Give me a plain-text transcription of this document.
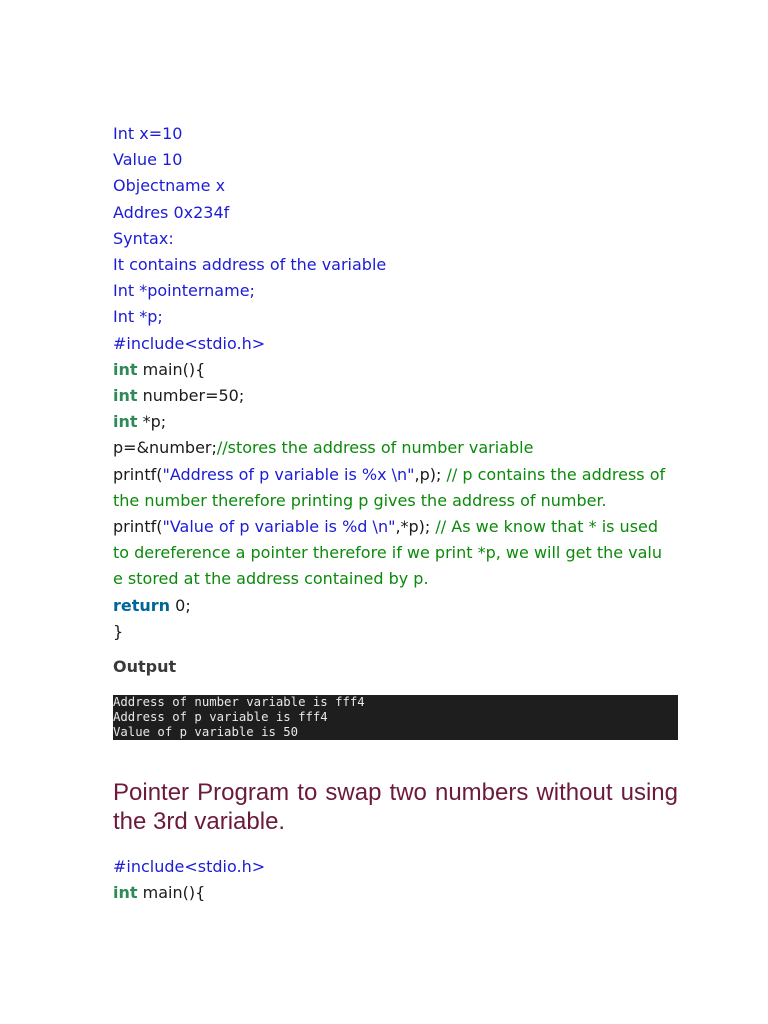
Int x=10
Value 10
Objectname x
Addres 0x234f
Syntax:
It contains address of the variable
Int *pointername;
Int *p;
#include<stdio.h>
int main(){
int number=50;
int *p;
p=&number;//stores the address of number variable
printf("Address of p variable is %x \n",p); // p contains the address of
the number therefore printing p gives the address of number.
printf("Value of p variable is %d \n",*p); // As we know that * is used
to dereference a pointer therefore if we print *p, we will get the valu
e stored at the address contained by p.
return 0;
}
Output
Address of number variable is fff4
Address of p variable is fff4
Value of p variable is 50
Pointer Program to swap two numbers without using the 3rd variable.
#include<stdio.h>
int main(){
